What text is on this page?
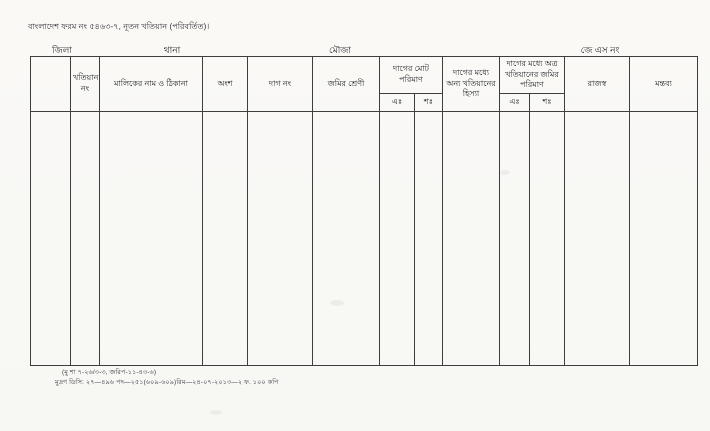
বাংলাদেশ ফরম নং ৫৪৬৩-৭, নূতন খতিয়ান (পরিবর্তিত)।
জিলা	থানা	মৌজা	জে এস নং
	খতিয়ান নং	মালিকের নাম ও ঠিকানা	অংশ	দাগ নং	জমির শ্রেণী	দাগের মোট পরিমাণ		দাগের মধ্যে অন্য খতিয়ানের হিস্যা	দাগের মধ্যে অত্র খতিয়ানের জমির পরিমাণ		রাজস্ব	মন্তব্য
						এঃ	শঃ		এঃ	শঃ		

(মু শা ৭-২৬/৩-৩, জরিপ-১১-৪৩-৬)
মুদ্রণ ডিসি: ২৭—৪৯৬ পদ—২৫১(৬০৯-৬০৯)রিম—২৪-০৭-২০১৩—২ ফ. ১০০ কপি
